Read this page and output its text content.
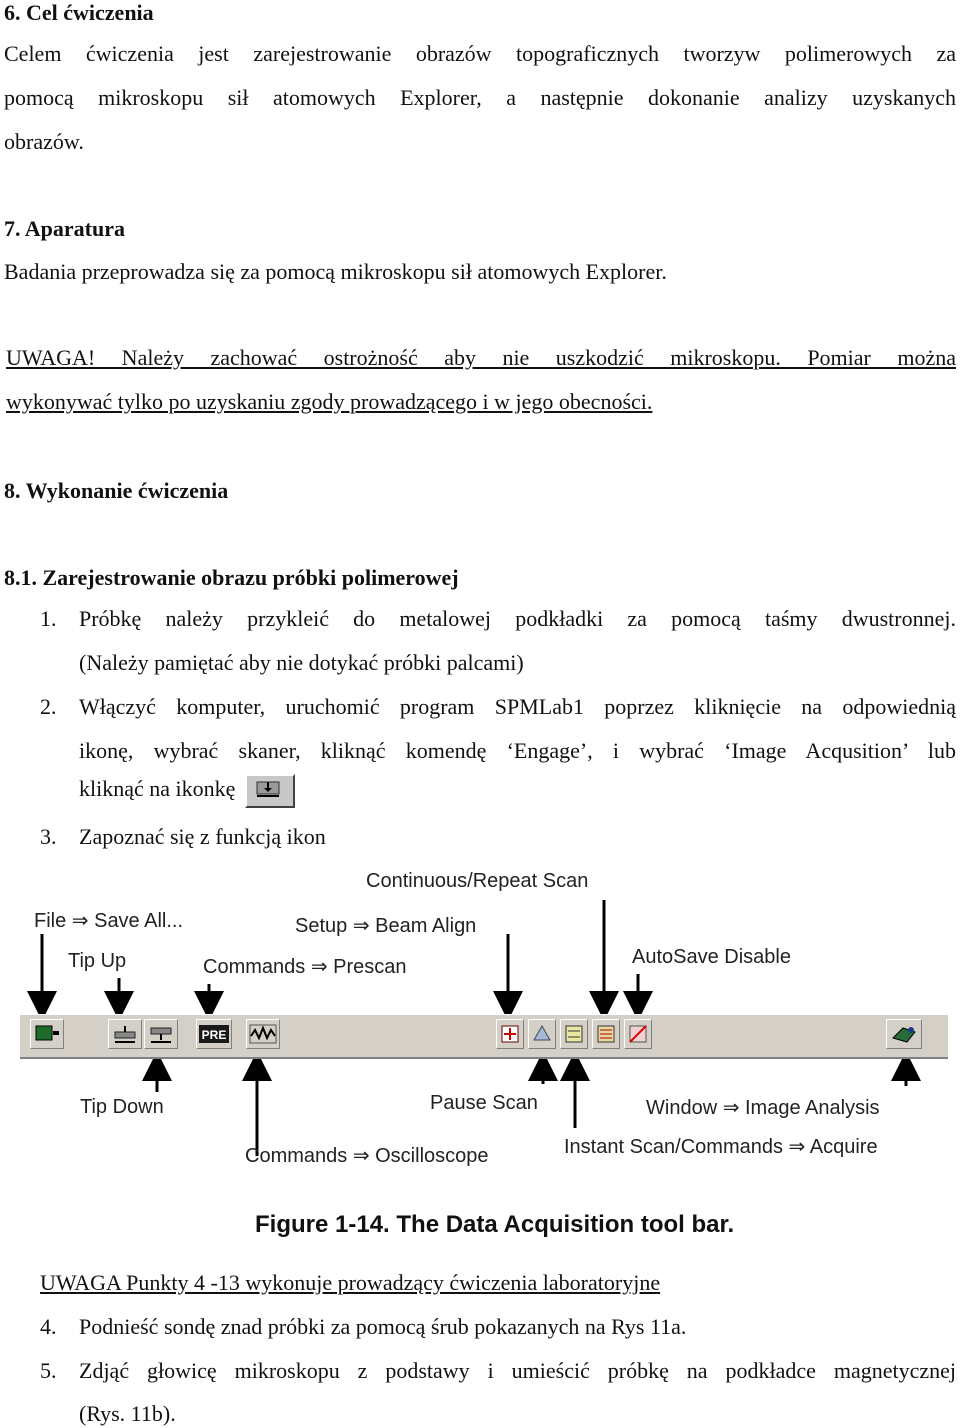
6. Cel ćwiczenia
Celem ćwiczenia jest zarejestrowanie obrazów topograficznych tworzyw polimerowych za
pomocą mikroskopu sił atomowych Explorer, a następnie dokonanie analizy uzyskanych
obrazów.
7. Aparatura
Badania przeprowadza się za pomocą mikroskopu sił atomowych Explorer.
UWAGA! Należy zachować ostrożność aby nie uszkodzić mikroskopu. Pomiar można
wykonywać tylko po uzyskaniu zgody prowadzącego i w jego obecności.
8. Wykonanie ćwiczenia
8.1. Zarejestrowanie obrazu próbki polimerowej
1. Próbkę należy przykleić do metalowej podkładki za pomocą taśmy dwustronnej.
(Należy pamiętać aby nie dotykać próbki palcami)
2. Włączyć komputer, uruchomić program SPMLab1 poprzez kliknięcie na odpowiednią
ikonę, wybrać skaner, kliknąć komendę ‘Engage’, i wybrać ‘Image Acqusition’ lub
kliknąć na ikonkę
3. Zapoznać się z funkcją ikon
Continuous/Repeat Scan
File ⇒ Save All...	Setup ⇒ Beam Align
Tip Up	Commands ⇒ Prescan	AutoSave Disable
PRE
Tip Down	Pause Scan	Window ⇒ Image Analysis
Instant Scan/Commands ⇒ Acquire
Commands ⇒ Oscilloscope
Figure 1-14. The Data Acquisition tool bar.
UWAGA Punkty 4 -13 wykonuje prowadzący ćwiczenia laboratoryjne
4. Podnieść sondę znad próbki za pomocą śrub pokazanych na Rys 11a.
5. Zdjąć głowicę mikroskopu z podstawy i umieścić próbkę na podkładce magnetycznej
(Rys. 11b).
